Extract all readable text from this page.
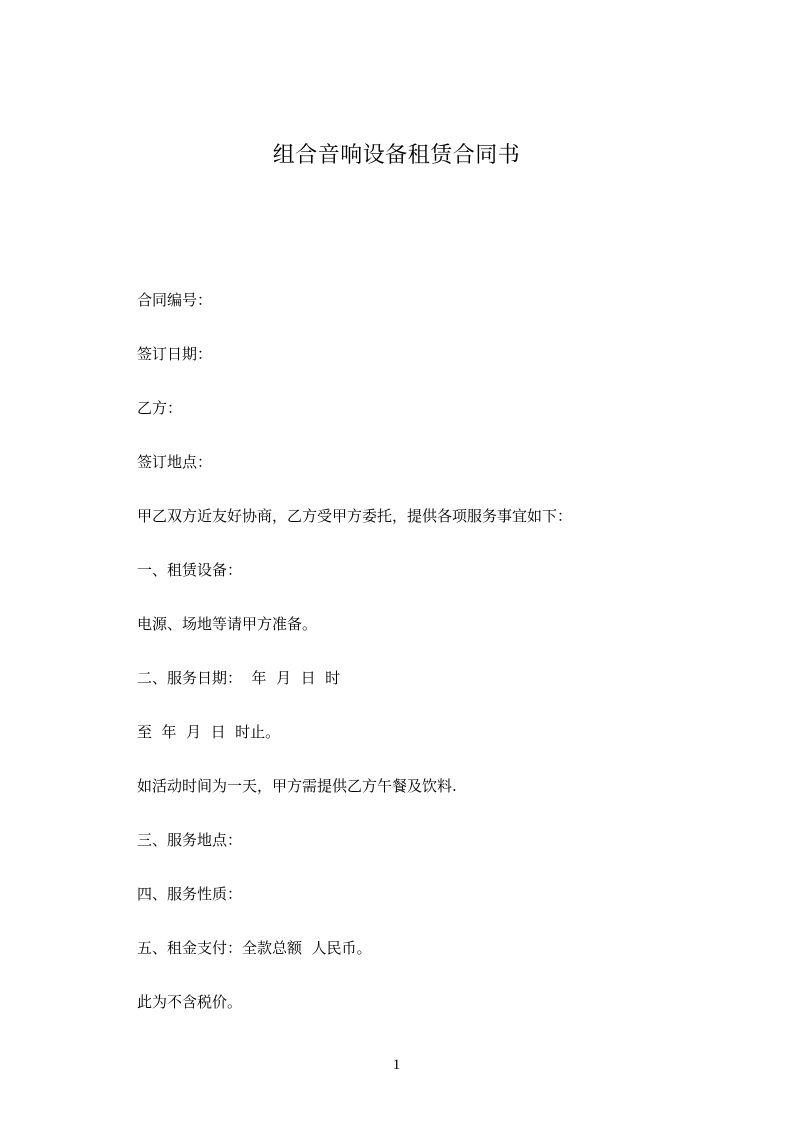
组合音响设备租赁合同书
合同编号：
签订日期：
乙方：
签订地点：
甲乙双方近友好协商，乙方受甲方委托，提供各项服务事宜如下：
一、租赁设备：
电源、场地等请甲方准备。
二、服务日期：  年  月  日  时
至  年  月  日  时止。
如活动时间为一天，甲方需提供乙方午餐及饮料.
三、服务地点：
四、服务性质：
五、租金支付：全款总额  人民币。
此为不含税价。
1
